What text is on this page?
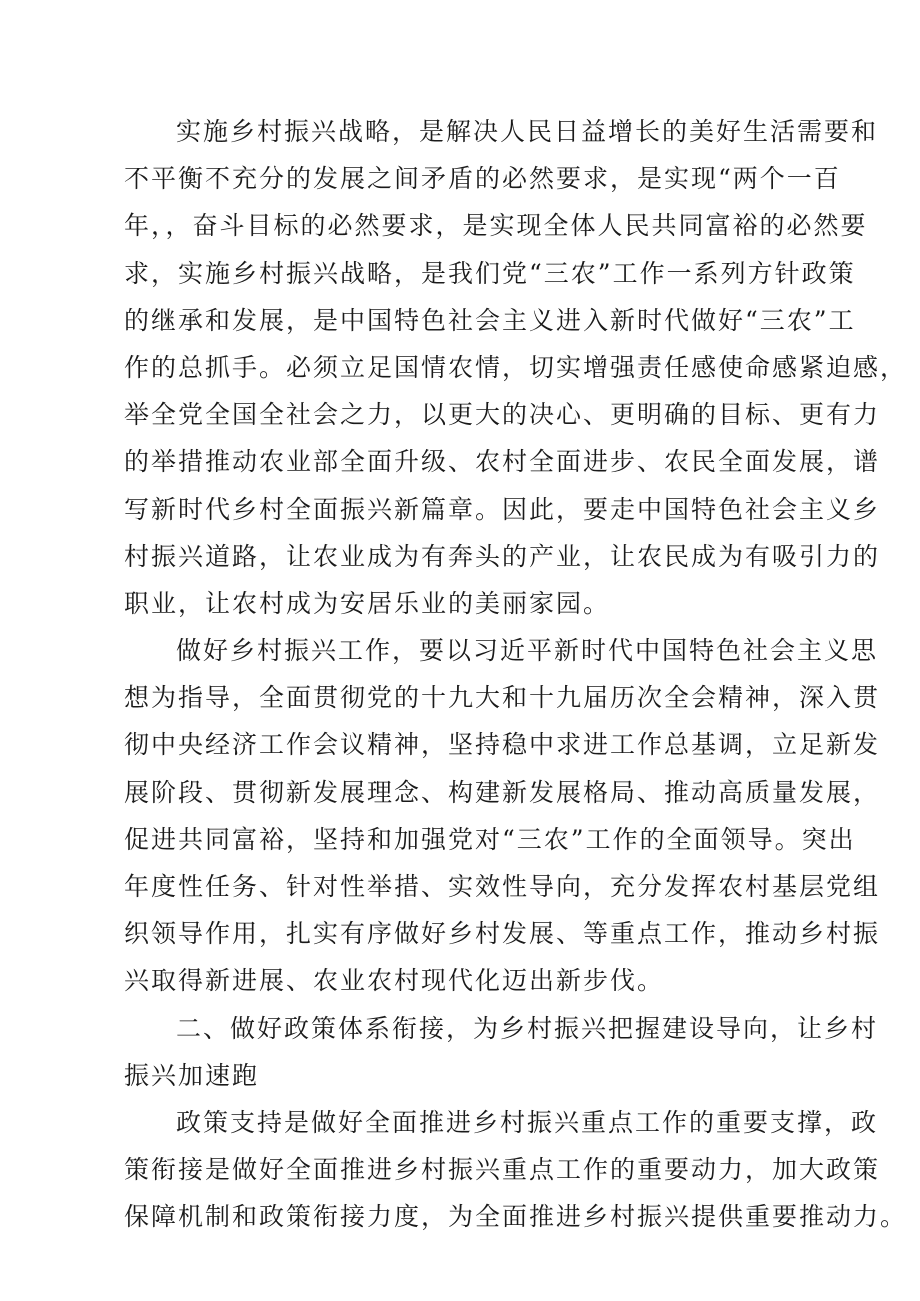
实施乡村振兴战略，是解决人民日益增长的美好生活需要和
不平衡不充分的发展之间矛盾的必然要求，是实现“两个一百
年，，奋斗目标的必然要求，是实现全体人民共同富裕的必然要
求，实施乡村振兴战略，是我们党“三农”工作一系列方针政策
的继承和发展，是中国特色社会主义进入新时代做好“三农”工
作的总抓手。必须立足国情农情，切实增强责任感使命感紧迫感，
举全党全国全社会之力，以更大的决心、更明确的目标、更有力
的举措推动农业部全面升级、农村全面进步、农民全面发展，谱
写新时代乡村全面振兴新篇章。因此，要走中国特色社会主义乡
村振兴道路，让农业成为有奔头的产业，让农民成为有吸引力的
职业，让农村成为安居乐业的美丽家园。
做好乡村振兴工作，要以习近平新时代中国特色社会主义思
想为指导，全面贯彻党的十九大和十九届历次全会精神，深入贯
彻中央经济工作会议精神，坚持稳中求进工作总基调，立足新发
展阶段、贯彻新发展理念、构建新发展格局、推动高质量发展，
促进共同富裕，坚持和加强党对“三农”工作的全面领导。突出
年度性任务、针对性举措、实效性导向，充分发挥农村基层党组
织领导作用，扎实有序做好乡村发展、等重点工作，推动乡村振
兴取得新进展、农业农村现代化迈出新步伐。
二、做好政策体系衔接，为乡村振兴把握建设导向，让乡村
振兴加速跑
政策支持是做好全面推进乡村振兴重点工作的重要支撑，政
策衔接是做好全面推进乡村振兴重点工作的重要动力，加大政策
保障机制和政策衔接力度，为全面推进乡村振兴提供重要推动力。
